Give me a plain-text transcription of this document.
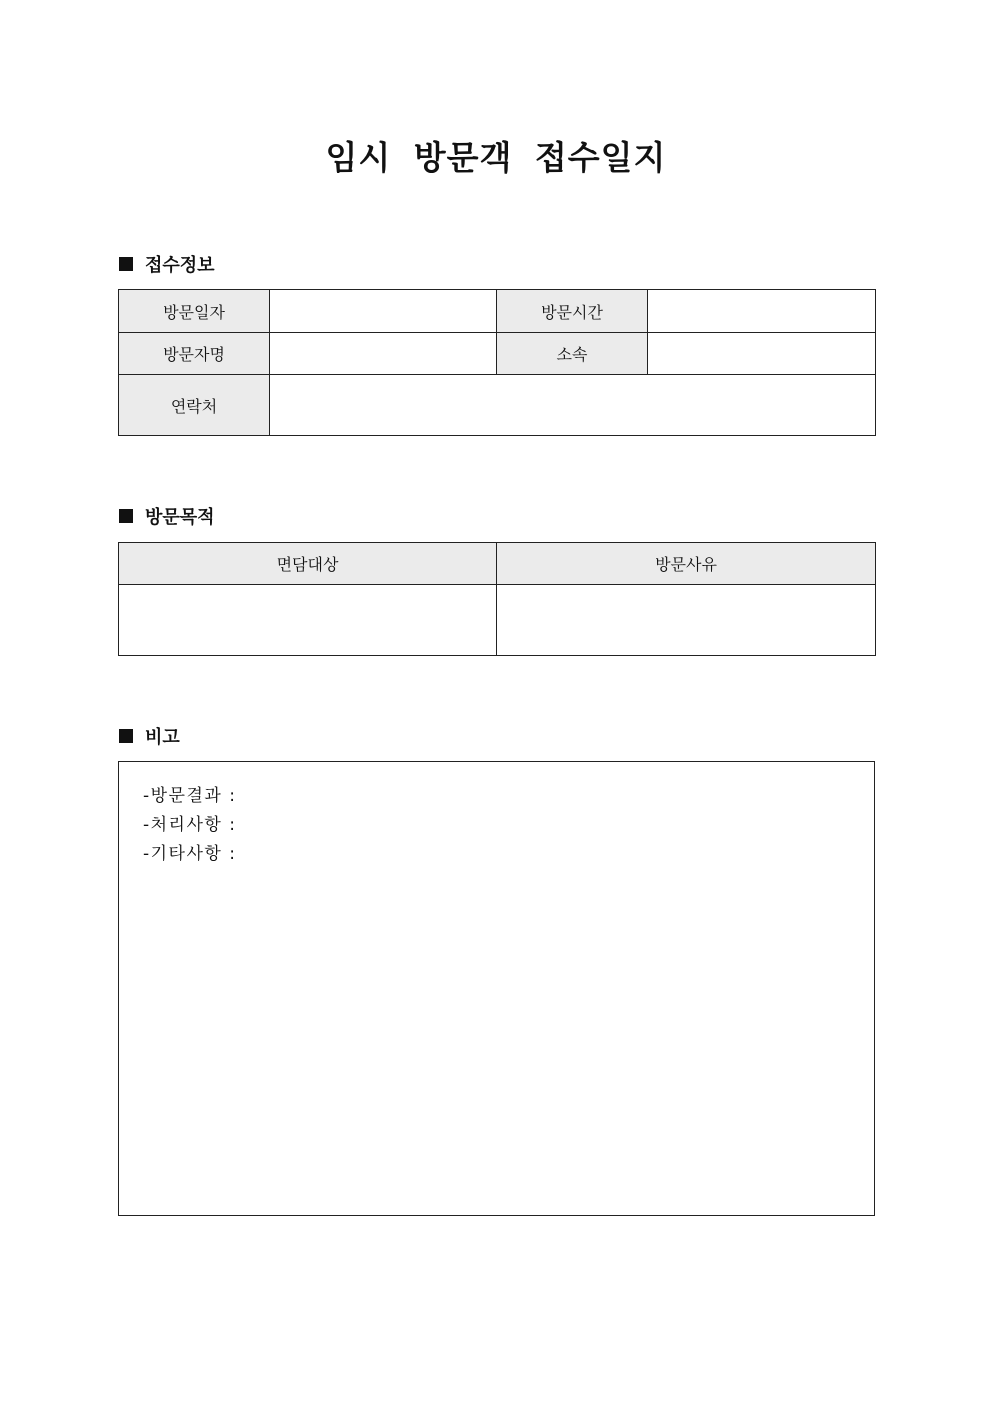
임시 방문객 접수일지
접수정보
방문일자		방문시간	
방문자명		소속	
연락처			
방문목적
면담대상	방문사유

비고
-방문결과 :
-처리사항 :
-기타사항 :
